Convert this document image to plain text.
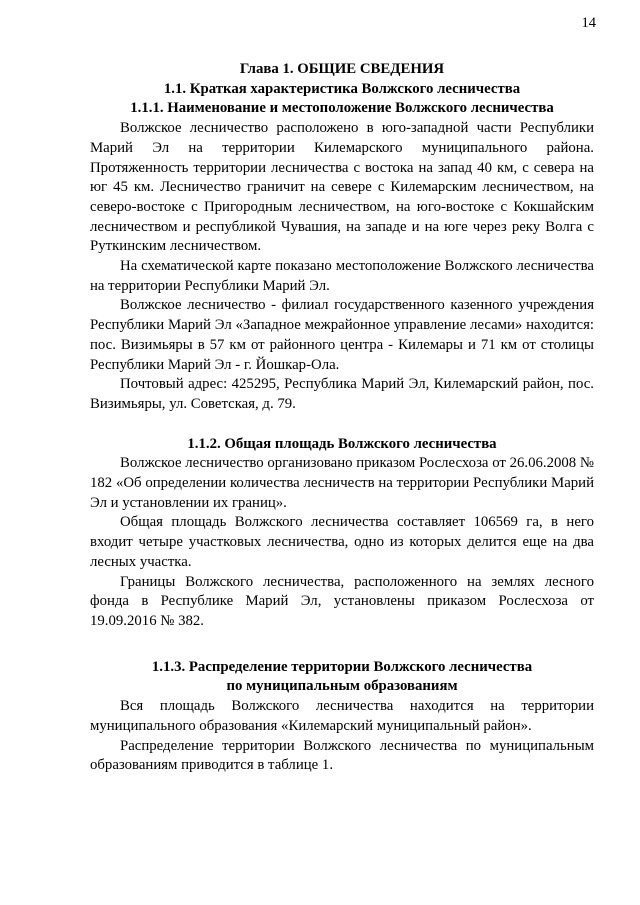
14
Глава 1. ОБЩИЕ СВЕДЕНИЯ
1.1. Краткая характеристика Волжского лесничества
1.1.1. Наименование и местоположение Волжского лесничества

Волжское лесничество расположено в юго-западной части Республики Марий Эл на территории Килемарского муниципального района. Протяженность территории лесничества с востока на запад 40 км, с севера на юг 45 км. Лесничество граничит на севере с Килемарским лесничеством, на северо-востоке с Пригородным лесничеством, на юго-востоке с Кокшайским лесничеством и республикой Чувашия, на западе и на юге через реку Волга с Руткинским лесничеством.

На схематической карте показано местоположение Волжского лесничества на территории Республики Марий Эл.

Волжское лесничество - филиал государственного казенного учреждения Республики Марий Эл «Западное межрайонное управление лесами» находится: пос. Визимьяры в 57 км от районного центра - Килемары и 71 км от столицы Республики Марий Эл - г. Йошкар-Ола.

Почтовый адрес: 425295, Республика Марий Эл, Килемарский район, пос. Визимьяры, ул. Советская, д. 79.

1.1.2. Общая площадь Волжского лесничества

Волжское лесничество организовано приказом Рослесхоза от 26.06.2008 № 182 «Об определении количества лесничеств на территории Республики Марий Эл и установлении их границ».

Общая площадь Волжского лесничества составляет 106569 га, в него входит четыре участковых лесничества, одно из которых делится еще на два лесных участка.

Границы Волжского лесничества, расположенного на землях лесного фонда в Республике Марий Эл, установлены приказом Рослесхоза от 19.09.2016 № 382.

1.1.3. Распределение территории Волжского лесничества
по муниципальным образованиям

Вся площадь Волжского лесничества находится на территории муниципального образования «Килемарский муниципальный район».

Распределение территории Волжского лесничества по муниципальным образованиям приводится в таблице 1.
